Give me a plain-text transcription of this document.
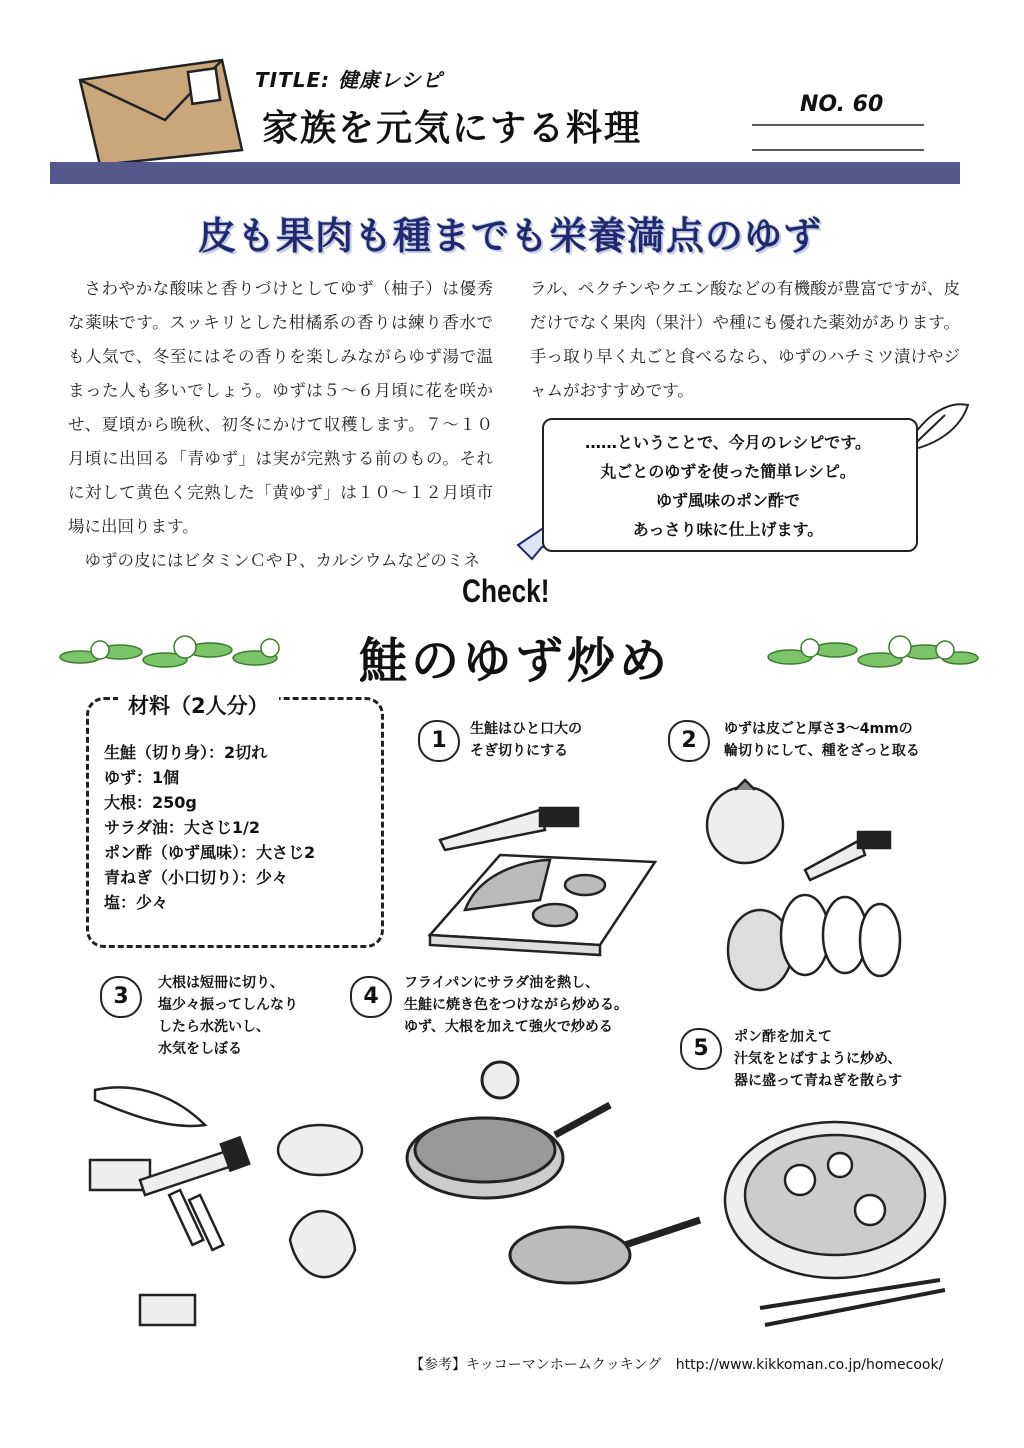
TITLE: 健康レシピ
家族を元気にする料理
NO. 60
皮も果肉も種までも栄養満点のゆず

さわやかな酸味と香りづけとしてゆず（柚子）は優秀な薬味です。スッキリとした柑橘系の香りは練り香水でも人気で、冬至にはその香りを楽しみながらゆず湯で温まった人も多いでしょう。ゆずは５～６月頃に花を咲かせ、夏頃から晩秋、初冬にかけて収穫します。７～１０月頃に出回る「青ゆず」は実が完熟する前のもの。それに対して黄色く完熟した「黄ゆず」は１０～１２月頃市場に出回ります。

ゆずの皮にはビタミンＣやＰ、カルシウムなどのミネ

ラル、ペクチンやクエン酸などの有機酸が豊富ですが、皮だけでなく果肉（果汁）や種にも優れた薬効があります。手っ取り早く丸ごと食べるなら、ゆずのハチミツ漬けやジャムがおすすめです。

……ということで、今月のレシピです。
丸ごとのゆずを使った簡単レシピ。
ゆず風味のポン酢で
あっさり味に仕上げます。
Check!
鮭のゆず炒め
材料（2人分）
生鮭（切り身）：2切れ
ゆず：1個
大根：250g
サラダ油：大さじ1/2
ポン酢（ゆず風味）：大さじ2
青ねぎ（小口切り）：少々
塩：少々
1	生鮭はひと口大の
そぎ切りにする	2	ゆずは皮ごと厚さ3～4mmの
輪切りにして、種をざっと取る
3
大根は短冊に切り、
塩少々振ってしんなり
したら水洗いし、
水気をしぼる
4
フライパンにサラダ油を熱し、
生鮭に焼き色をつけながら炒める。
ゆず、大根を加えて強火で炒める
5	ポン酢を加えて
汁気をとばすように炒め、
器に盛って青ねぎを散らす
【参考】キッコーマンホームクッキング http://www.kikkoman.co.jp/homecook/
